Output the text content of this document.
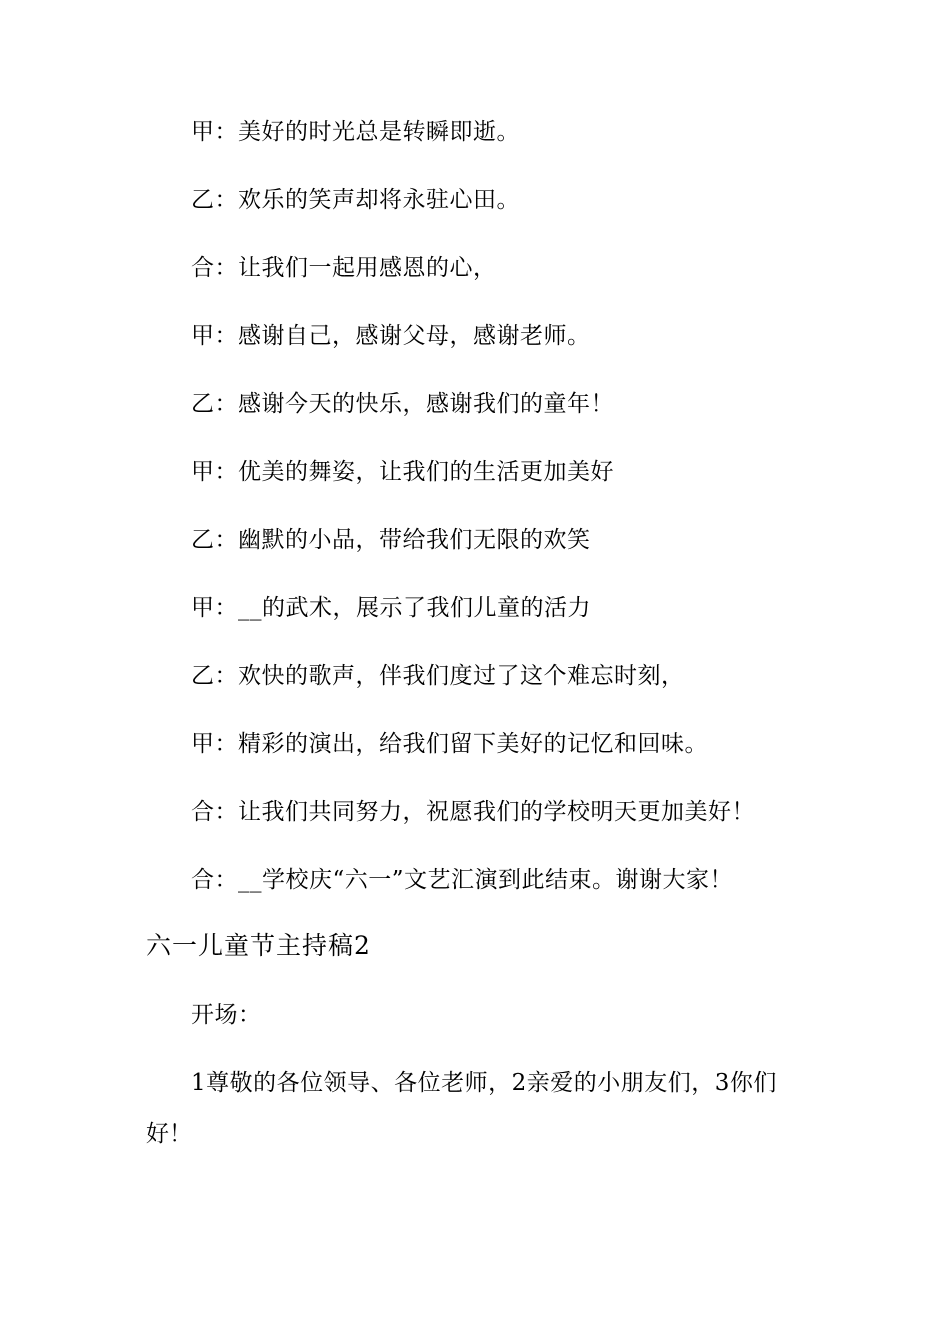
甲：美好的时光总是转瞬即逝。
乙：欢乐的笑声却将永驻心田。
合：让我们一起用感恩的心，
甲：感谢自己，感谢父母，感谢老师。
乙：感谢今天的快乐，感谢我们的童年！
甲：优美的舞姿，让我们的生活更加美好
乙：幽默的小品，带给我们无限的欢笑
甲：__的武术，展示了我们儿童的活力
乙：欢快的歌声，伴我们度过了这个难忘时刻，
甲：精彩的演出，给我们留下美好的记忆和回味。
合：让我们共同努力，祝愿我们的学校明天更加美好！
合：__学校庆“六一”文艺汇演到此结束。谢谢大家！
六一儿童节主持稿2
开场：
1尊敬的各位领导、各位老师，2亲爱的小朋友们，3你们
好！
